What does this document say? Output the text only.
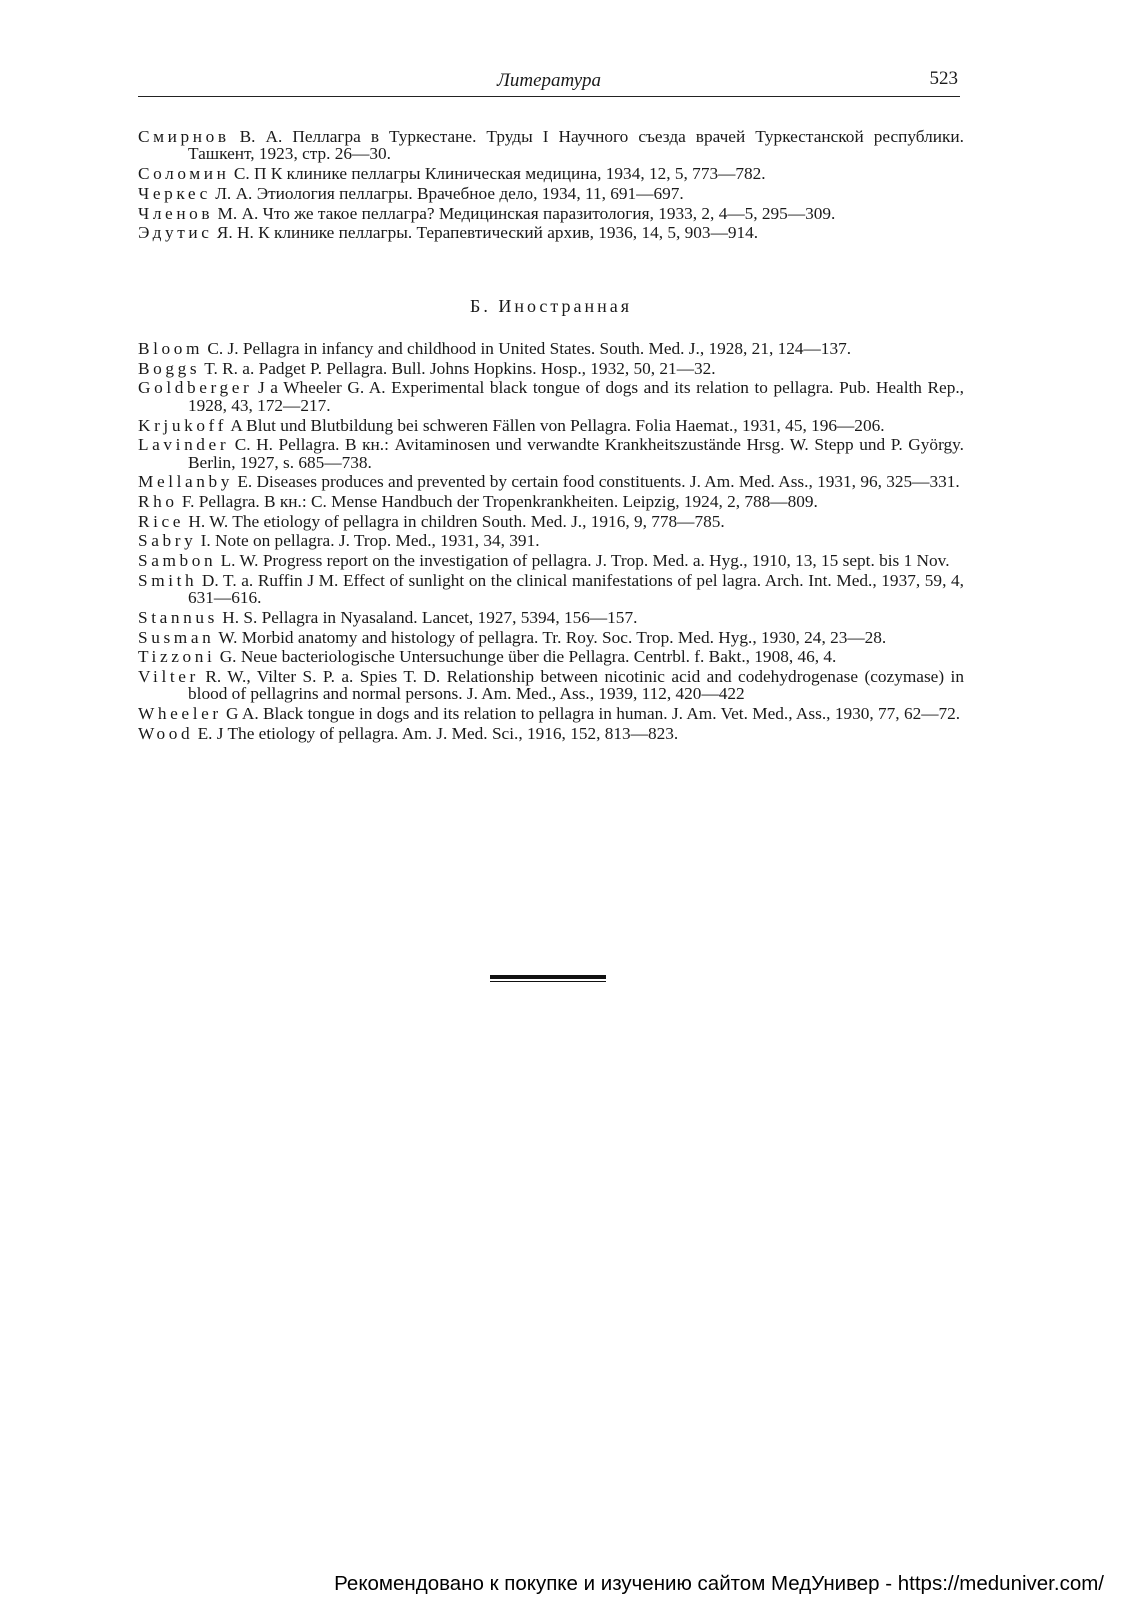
Литература	523
Смирнов В. А. Пеллагра в Туркестане. Труды I Научного съезда врачей Туркестанской республики. Ташкент, 1923, стр. 26—30.
Соломин С. П К клинике пеллагры Клиническая медицина, 1934, 12, 5, 773—782.
Черкес Л. А. Этиология пеллагры. Врачебное дело, 1934, 11, 691—697.
Членов М. А. Что же такое пеллагра? Медицинская паразитология, 1933, 2, 4—5, 295—309.
Эдутис Я. Н. К клинике пеллагры. Терапевтический архив, 1936, 14, 5, 903—914.
Б. Иностранная
Bloom C. J. Pellagra in infancy and childhood in United States. South. Med. J., 1928, 21, 124—137.
Boggs T. R. a. Padget P. Pellagra. Bull. Johns Hopkins. Hosp., 1932, 50, 21—32.
Goldberger J a Wheeler G. A. Experimental black tongue of dogs and its relation to pellagra. Pub. Health Rep., 1928, 43, 172—217.
Krjukoff A Blut und Blutbildung bei schweren Fällen von Pellagra. Folia Haemat., 1931, 45, 196—206.
Lavinder C. H. Pellagra. В кн.: Avitaminosen und verwandte Krankheitszustände Hrsg. W. Stepp und P. György. Berlin, 1927, s. 685—738.
Mellanby E. Diseases produces and prevented by certain food constituents. J. Am. Med. Ass., 1931, 96, 325—331.
Rho F. Pellagra. В кн.: C. Mense Handbuch der Tropenkrankheiten. Leipzig, 1924, 2, 788—809.
Rice H. W. The etiology of pellagra in children South. Med. J., 1916, 9, 778—785.
Sabry I. Note on pellagra. J. Trop. Med., 1931, 34, 391.
Sambon L. W. Progress report on the investigation of pellagra. J. Trop. Med. a. Hyg., 1910, 13, 15 sept. bis 1 Nov.
Smith D. T. a. Ruffin J M. Effect of sunlight on the clinical manifestations of pel lagra. Arch. Int. Med., 1937, 59, 4, 631—616.
Stannus H. S. Pellagra in Nyasaland. Lancet, 1927, 5394, 156—157.
Susman W. Morbid anatomy and histology of pellagra. Tr. Roy. Soc. Trop. Med. Hyg., 1930, 24, 23—28.
Tizzoni G. Neue bacteriologische Untersuchunge über die Pellagra. Centrbl. f. Bakt., 1908, 46, 4.
Vilter R. W., Vilter S. P. a. Spies T. D. Relationship between nicotinic acid and codehydrogenase (cozymase) in blood of pellagrins and normal persons. J. Am. Med., Ass., 1939, 112, 420—422
Wheeler G A. Black tongue in dogs and its relation to pellagra in human. J. Am. Vet. Med., Ass., 1930, 77, 62—72.
Wood E. J The etiology of pellagra. Am. J. Med. Sci., 1916, 152, 813—823.
Рекомендовано к покупке и изучению сайтом МедУнивер - https://meduniver.com/
